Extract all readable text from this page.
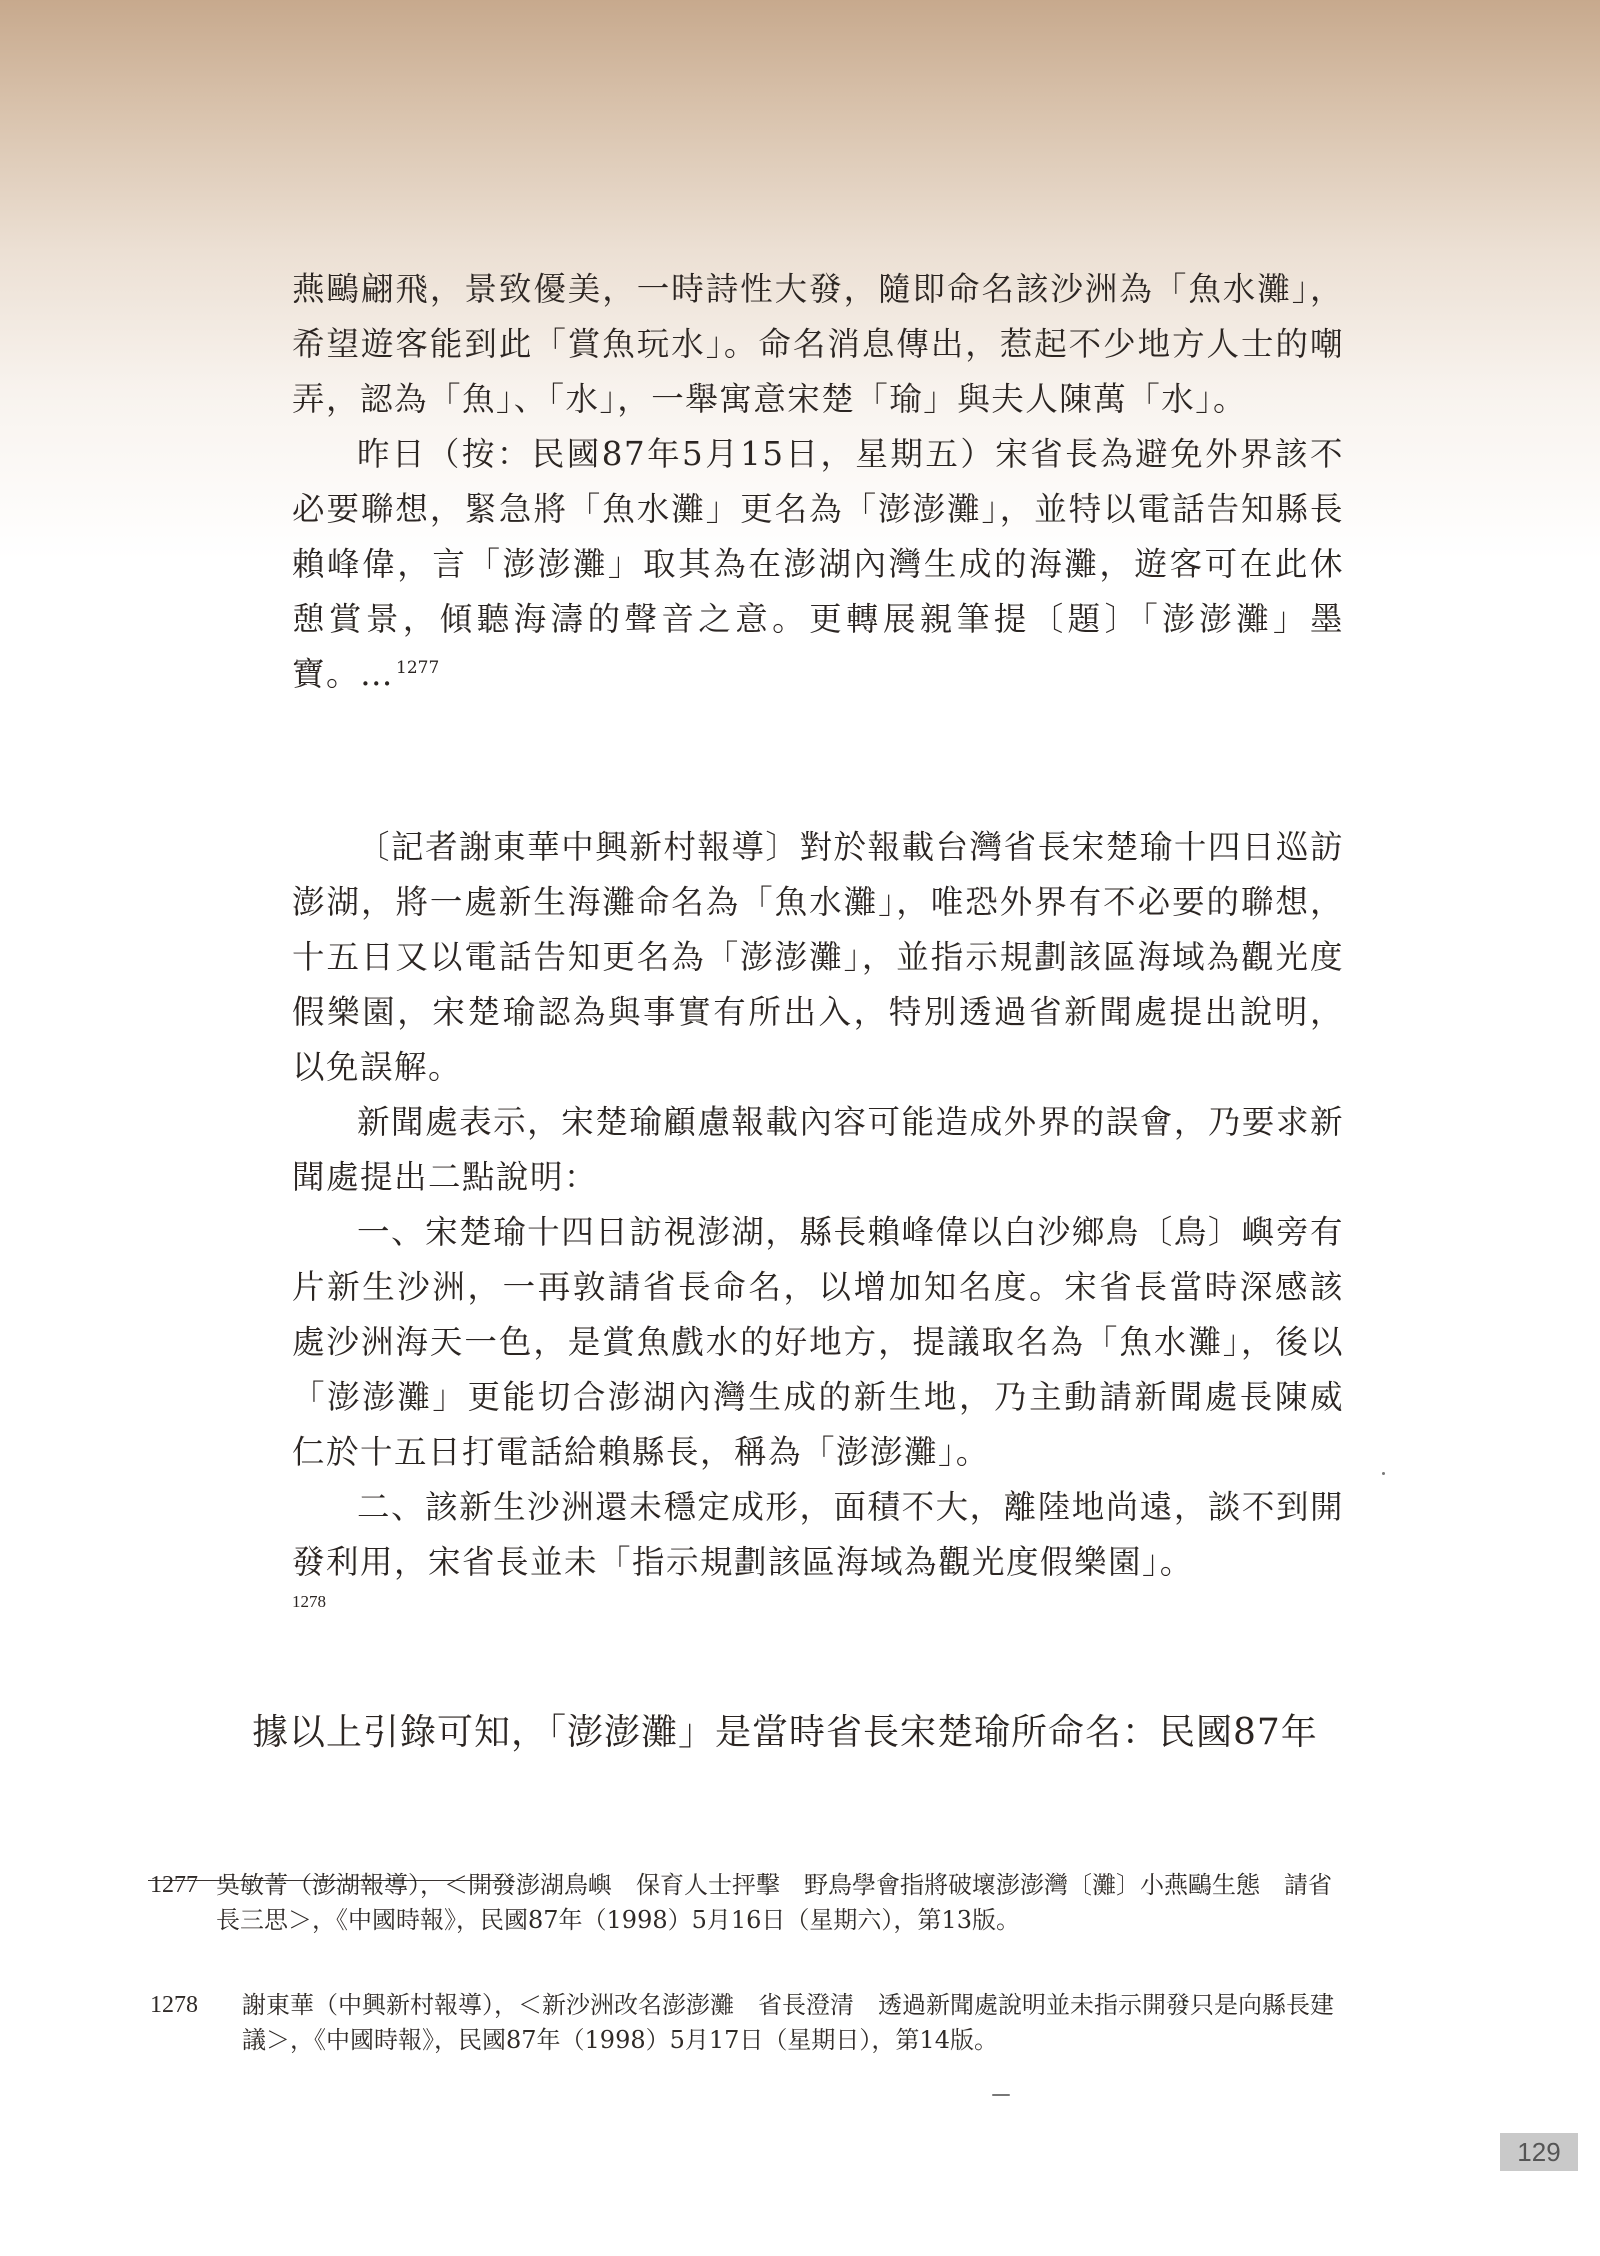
燕鷗翩飛，景致優美，一時詩性大發，隨即命名該沙洲為「魚水灘」，希望遊客能到此「賞魚玩水」。命名消息傳出，惹起不少地方人士的嘲弄，認為「魚」、「水」，一舉寓意宋楚「瑜」與夫人陳萬「水」。

昨日（按：民國87年5月15日，星期五）宋省長為避免外界該不必要聯想，緊急將「魚水灘」更名為「澎澎灘」，並特以電話告知縣長賴峰偉，言「澎澎灘」取其為在澎湖內灣生成的海灘，遊客可在此休憩賞景，傾聽海濤的聲音之意。更轉展親筆提〔題〕「澎澎灘」墨寶。… $^{1277}$

〔記者謝東華中興新村報導〕對於報載台灣省長宋楚瑜十四日巡訪澎湖，將一處新生海灘命名為「魚水灘」，唯恐外界有不必要的聯想，十五日又以電話告知更名為「澎澎灘」，並指示規劃該區海域為觀光度假樂園，宋楚瑜認為與事實有所出入，特別透過省新聞處提出說明，以免誤解。

新聞處表示，宋楚瑜顧慮報載內容可能造成外界的誤會，乃要求新聞處提出二點說明：

一、宋楚瑜十四日訪視澎湖，縣長賴峰偉以白沙鄉鳥〔鳥〕嶼旁有片新生沙洲，一再敦請省長命名，以增加知名度。宋省長當時深感該處沙洲海天一色，是賞魚戲水的好地方，提議取名為「魚水灘」，後以「澎澎灘」更能切合澎湖內灣生成的新生地，乃主動請新聞處長陳威仁於十五日打電話給賴縣長，稱為「澎澎灘」。

二、該新生沙洲還未穩定成形，面積不大，離陸地尚遠，談不到開發利用，宋省長並未「指示規劃該區海域為觀光度假樂園」。

1278

據以上引錄可知，「澎澎灘」是當時省長宋楚瑜所命名：民國87年

1277 吳敏菁（澎湖報導），＜開發澎湖鳥嶼　保育人士抨擊　野鳥學會指將破壞澎澎灣〔灘〕小燕鷗生態　請省長三思＞，《中國時報》，民國87年（1998）5月16日（星期六），第13版。
1278 謝東華（中興新村報導），＜新沙洲改名澎澎灘　省長澄清　透過新聞處說明並未指示開發只是向縣長建議＞，《中國時報》，民國87年（1998）5月17日（星期日），第14版。
129
